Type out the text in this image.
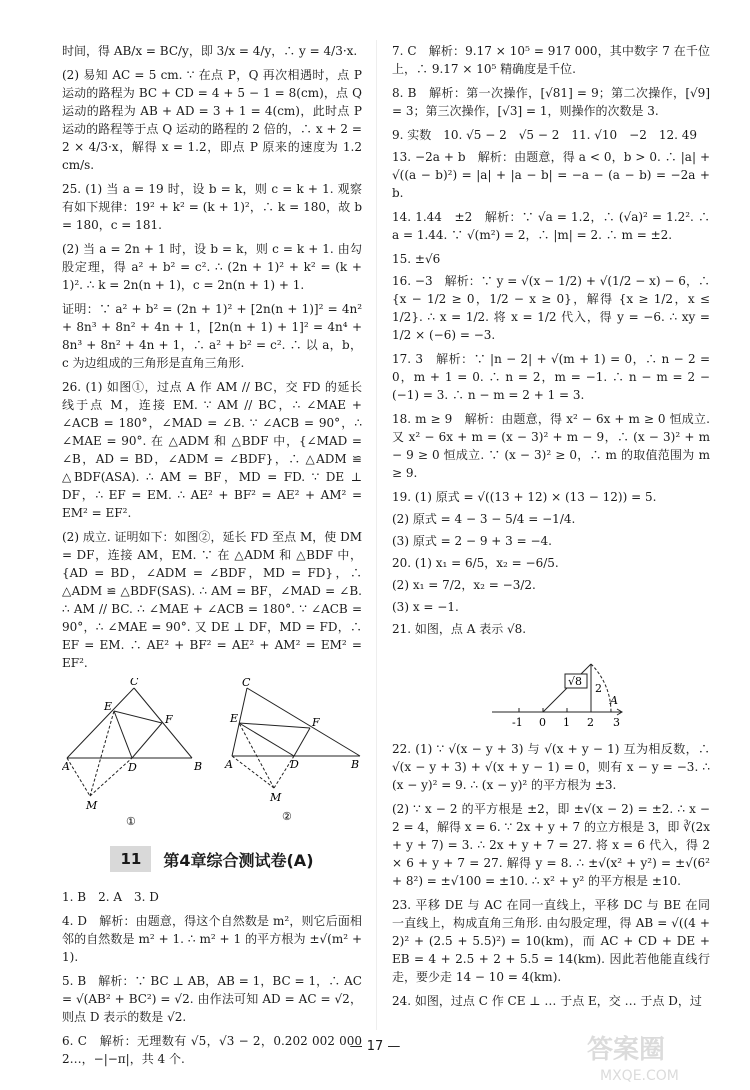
时间，得 AB/x = BC/y，即 3/x = 4/y，∴ y = 4/3·x.

(2) 易知 AC = 5 cm. ∵ 在点 P，Q 再次相遇时，点 P 运动的路程为 BC + CD = 4 + 5 − 1 = 8(cm)，点 Q 运动的路程为 AB + AD = 3 + 1 = 4(cm)，此时点 P 运动的路程等于点 Q 运动的路程的 2 倍的，∴ x + 2 = 2 × 4/3·x，解得 x = 1.2，即点 P 原来的速度为 1.2 cm/s.

25. (1) 当 a = 19 时，设 b = k，则 c = k + 1. 观察有如下规律：19² + k² = (k + 1)²，∴ k = 180，故 b = 180，c = 181.

(2) 当 a = 2n + 1 时，设 b = k，则 c = k + 1. 由勾股定理，得 a² + b² = c². ∴ (2n + 1)² + k² = (k + 1)². ∴ k = 2n(n + 1)，c = 2n(n + 1) + 1.

证明：∵ a² + b² = (2n + 1)² + [2n(n + 1)]² = 4n² + 8n³ + 8n² + 4n + 1，[2n(n + 1) + 1]² = 4n⁴ + 8n³ + 8n² + 4n + 1，∴ a² + b² = c². ∴ 以 a，b，c 为边组成的三角形是直角三角形.

26. (1) 如图①，过点 A 作 AM // BC，交 FD 的延长线于点 M，连接 EM. ∵ AM // BC，∴ ∠MAE + ∠ACB = 180°，∠MAD = ∠B. ∵ ∠ACB = 90°，∴ ∠MAE = 90°. 在 △ADM 和 △BDF 中，{∠MAD = ∠B，AD = BD，∠ADM = ∠BDF}，∴ △ADM ≌ △BDF(ASA). ∴ AM = BF，MD = FD. ∵ DE ⊥ DF，∴ EF = EM. ∴ AE² + BF² = AE² + AM² = EM² = EF².

(2) 成立. 证明如下：如图②，延长 FD 至点 M，使 DM = DF，连接 AM，EM. ∵ 在 △ADM 和 △BDF 中，{AD = BD，∠ADM = ∠BDF，MD = FD}，∴ △ADM ≌ △BDF(SAS). ∴ AM = BF，∠MAD = ∠B. ∴ AM // BC. ∴ ∠MAE + ∠ACB = 180°. ∵ ∠ACB = 90°，∴ ∠MAE = 90°. 又 DE ⊥ DF，MD = FD，∴ EF = EM. ∴ AE² + BF² = AE² + AM² = EM² = EF².

C
E
F
A	D	B
M
①
C
E	F
A	D	B
M
②
11	第4章综合测试卷(A)

1. B　2. A　3. D

4. D　解析：由题意，得这个自然数是 m²，则它后面相邻的自然数是 m² + 1. ∴ m² + 1 的平方根为 ±√(m² + 1).

5. B　解析：∵ BC ⊥ AB，AB = 1，BC = 1，∴ AC = √(AB² + BC²) = √2. 由作法可知 AD = AC = √2，则点 D 表示的数是 √2.

6. C　解析：无理数有 √5，√3 − 2，0.202 002 000 2…，−|−π|，共 4 个.

7. C　解析：9.17 × 10⁵ = 917 000，其中数字 7 在千位上，∴ 9.17 × 10⁵ 精确度是千位.

8. B　解析：第一次操作，[√81] = 9；第二次操作，[√9] = 3；第三次操作，[√3] = 1，则操作的次数是 3.

9. 实数　10. √5 − 2　√5 − 2　11. √10　−2　12. 49

13. −2a + b　解析：由题意，得 a < 0，b > 0. ∴ |a| + √((a − b)²) = |a| + |a − b| = −a − (a − b) = −2a + b.

14. 1.44　±2　解析：∵ √a = 1.2，∴ (√a)² = 1.2². ∴ a = 1.44. ∵ √(m²) = 2，∴ |m| = 2. ∴ m = ±2.

15. ±√6

16. −3　解析：∵ y = √(x − 1/2) + √(1/2 − x) − 6，∴ {x − 1/2 ≥ 0，1/2 − x ≥ 0}，解得 {x ≥ 1/2，x ≤ 1/2}. ∴ x = 1/2. 将 x = 1/2 代入，得 y = −6. ∴ xy = 1/2 × (−6) = −3.

17. 3　解析：∵ |n − 2| + √(m + 1) = 0，∴ n − 2 = 0，m + 1 = 0. ∴ n = 2，m = −1. ∴ n − m = 2 − (−1) = 3. ∴ n − m = 2 + 1 = 3.

18. m ≥ 9　解析：由题意，得 x² − 6x + m ≥ 0 恒成立. 又 x² − 6x + m = (x − 3)² + m − 9，∴ (x − 3)² + m − 9 ≥ 0 恒成立. ∵ (x − 3)² ≥ 0，∴ m 的取值范围为 m ≥ 9.

19. (1) 原式 = √((13 + 12) × (13 − 12)) = 5.

(2) 原式 = 4 − 3 − 5/4 = −1/4.

(3) 原式 = 2 − 9 + 3 = −4.

20. (1) x₁ = 6/5，x₂ = −6/5.

(2) x₁ = 7/2，x₂ = −3/2.

(3) x = −1.

21. 如图，点 A 表示 √8.

√8
2
A
-1 0 1 2 3

22. (1) ∵ √(x − y + 3) 与 √(x + y − 1) 互为相反数，∴ √(x − y + 3) + √(x + y − 1) = 0，则有 x − y = −3. ∴ (x − y)² = 9. ∴ (x − y)² 的平方根为 ±3.

(2) ∵ x − 2 的平方根是 ±2，即 ±√(x − 2) = ±2. ∴ x − 2 = 4，解得 x = 6. ∵ 2x + y + 7 的立方根是 3，即 ∛(2x + y + 7) = 3. ∴ 2x + y + 7 = 27. 将 x = 6 代入，得 2 × 6 + y + 7 = 27. 解得 y = 8. ∴ ±√(x² + y²) = ±√(6² + 8²) = ±√100 = ±10. ∴ x² + y² 的平方根是 ±10.

23. 平移 DE 与 AC 在同一直线上，平移 DC 与 BE 在同一直线上，构成直角三角形. 由勾股定理，得 AB = √((4 + 2)² + (2.5 + 5.5)²) = 10(km)，而 AC + CD + DE + EB = 4 + 2.5 + 2 + 5.5 = 14(km). 因此若他能直线行走，要少走 14 − 10 = 4(km).

24. 如图，过点 C 作 CE ⊥ … 于点 E，交 … 于点 D，过

— 17 —	答案圈
MXQE.COM
